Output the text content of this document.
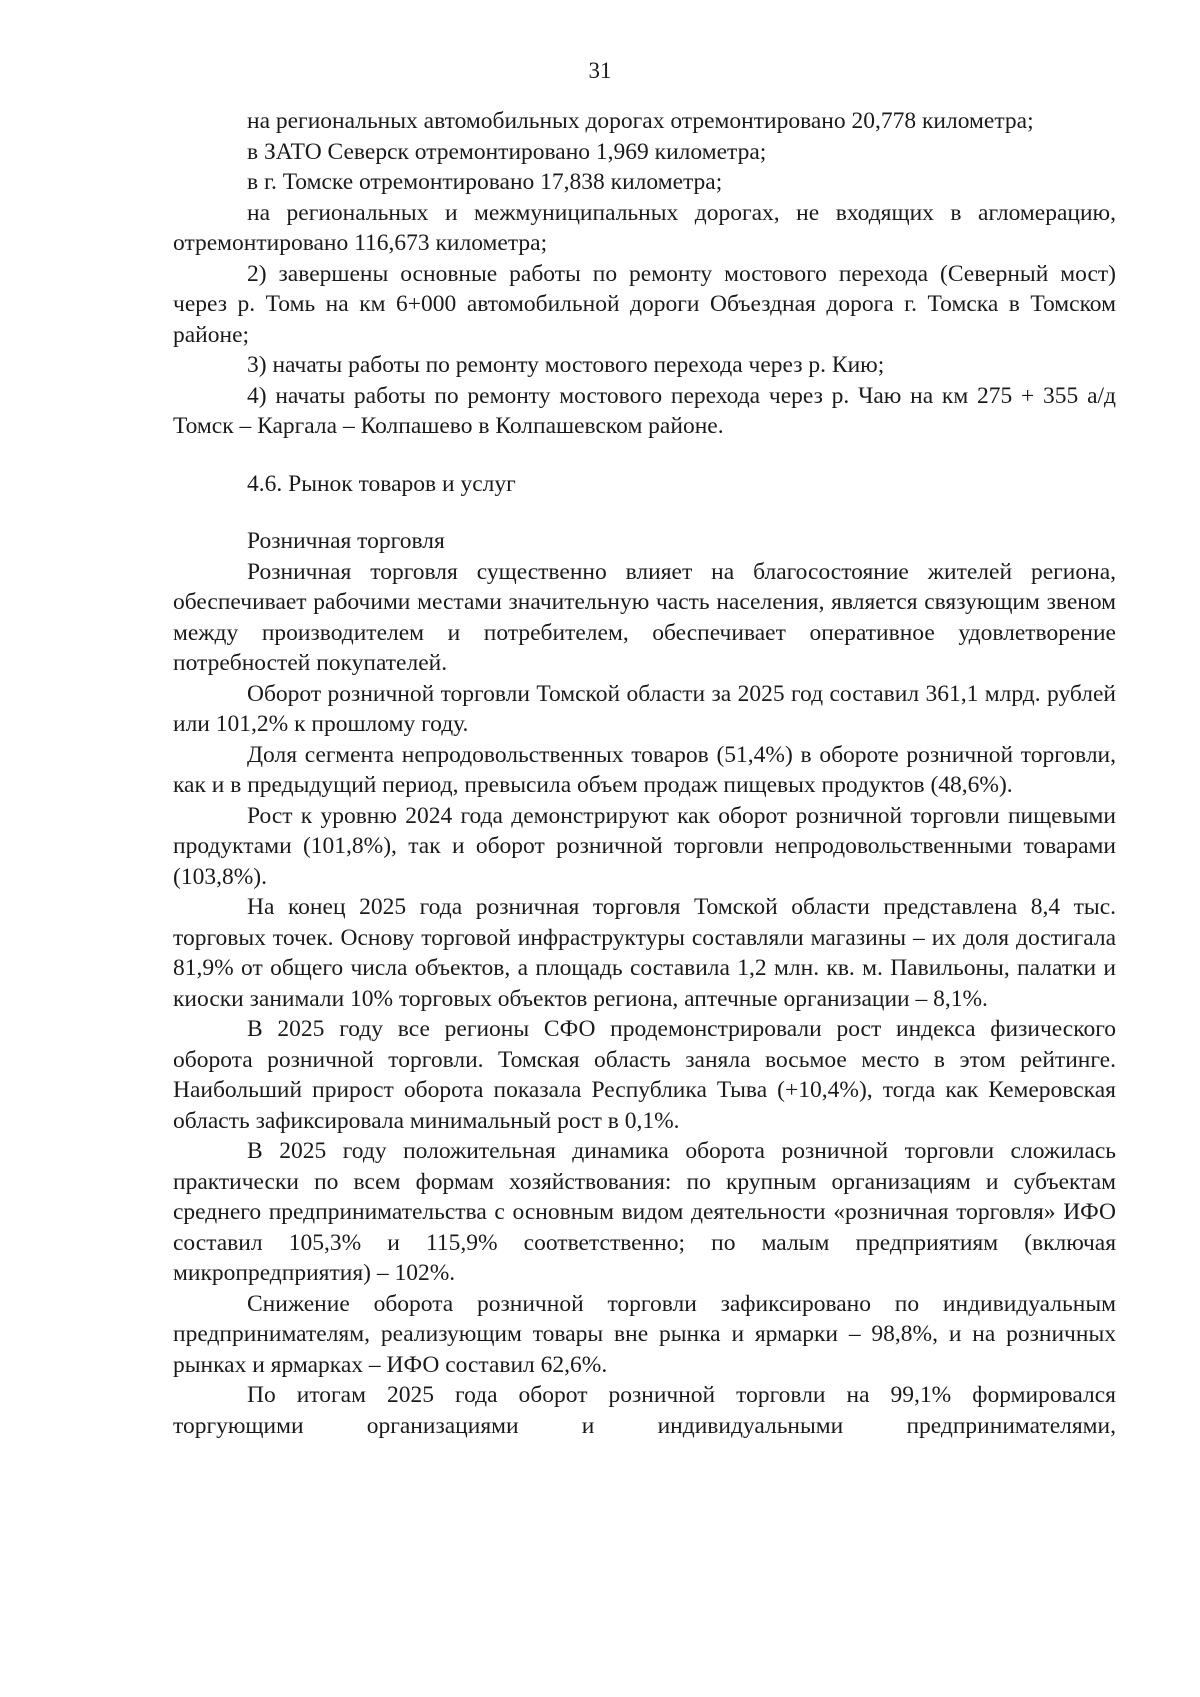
31

на региональных автомобильных дорогах отремонтировано 20,778 километра;

в ЗАТО Северск отремонтировано 1,969 километра;

в г. Томске отремонтировано 17,838 километра;

на региональных и межмуниципальных дорогах, не входящих в агломерацию, отремонтировано 116,673 километра;

2) завершены основные работы по ремонту мостового перехода (Северный мост) через р. Томь на км 6+000 автомобильной дороги Объездная дорога г. Томска в Томском районе;

3) начаты работы по ремонту мостового перехода через р. Кию;

4) начаты работы по ремонту мостового перехода через р. Чаю на км 275 + 355 а/д Томск – Каргала – Колпашево в Колпашевском районе.

4.6. Рынок товаров и услуг

Розничная торговля

Розничная торговля существенно влияет на благосостояние жителей региона, обеспечивает рабочими местами значительную часть населения, является связующим звеном между производителем и потребителем, обеспечивает оперативное удовлетворение потребностей покупателей.

Оборот розничной торговли Томской области за 2025 год составил 361,1 млрд. рублей или 101,2% к прошлому году.

Доля сегмента непродовольственных товаров (51,4%) в обороте розничной торговли, как и в предыдущий период, превысила объем продаж пищевых продуктов (48,6%).

Рост к уровню 2024 года демонстрируют как оборот розничной торговли пищевыми продуктами (101,8%), так и оборот розничной торговли непродовольственными товарами (103,8%).

На конец 2025 года розничная торговля Томской области представлена 8,4 тыс. торговых точек. Основу торговой инфраструктуры составляли магазины – их доля достигала 81,9% от общего числа объектов, а площадь составила 1,2 млн. кв. м. Павильоны, палатки и киоски занимали 10% торговых объектов региона, аптечные организации – 8,1%.

В 2025 году все регионы СФО продемонстрировали рост индекса физического оборота розничной торговли. Томская область заняла восьмое место в этом рейтинге. Наибольший прирост оборота показала Республика Тыва (+10,4%), тогда как Кемеровская область зафиксировала минимальный рост в 0,1%.

В 2025 году положительная динамика оборота розничной торговли сложилась практически по всем формам хозяйствования: по крупным организациям и субъектам среднего предпринимательства с основным видом деятельности «розничная торговля» ИФО составил 105,3% и 115,9% соответственно; по малым предприятиям (включая микропредприятия) – 102%.

Снижение оборота розничной торговли зафиксировано по индивидуальным предпринимателям, реализующим товары вне рынка и ярмарки – 98,8%, и на розничных рынках и ярмарках – ИФО составил 62,6%.

По итогам 2025 года оборот розничной торговли на 99,1% формировался торгующими организациями и индивидуальными предпринимателями,
